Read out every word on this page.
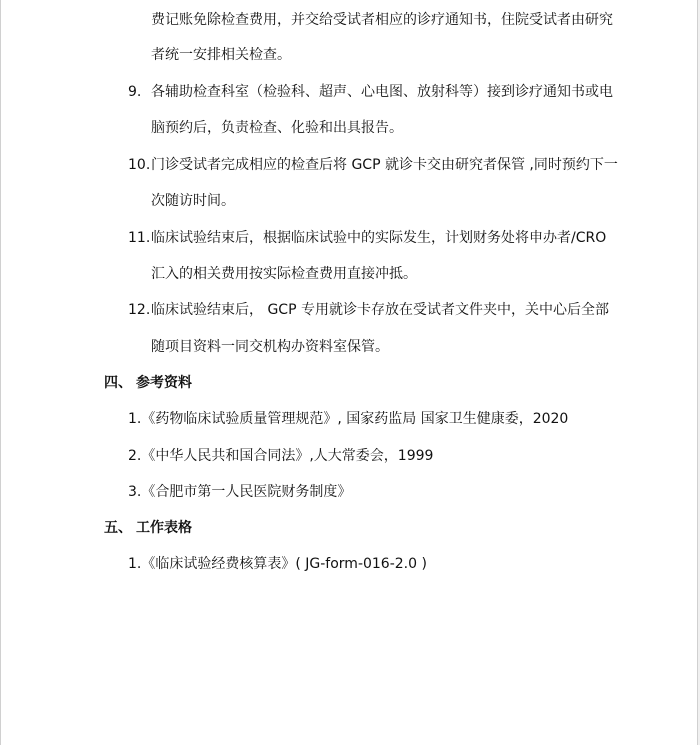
费记账免除检查费用，并交给受试者相应的诊疗通知书，住院受试者由研究
者统一安排相关检查。
9. 各辅助检查科室（检验科、超声、心电图、放射科等）接到诊疗通知书或电
脑预约后，负责检查、化验和出具报告。
10. 门诊受试者完成相应的检查后将 GCP 就诊卡交由研究者保管 ,同时预约下一
次随访时间。
11. 临床试验结束后，根据临床试验中的实际发生，计划财务处将申办者/CRO
汇入的相关费用按实际检查费用直接冲抵。
12. 临床试验结束后， GCP 专用就诊卡存放在受试者文件夹中，关中心后全部
随项目资料一同交机构办资料室保管。
四、 参考资料
1.《药物临床试验质量管理规范》, 国家药监局 国家卫生健康委，2020
2.《中华人民共和国合同法》,人大常委会，1999
3.《合肥市第一人民医院财务制度》
五、 工作表格
1.《临床试验经费核算表》( JG-form-016-2.0 )
